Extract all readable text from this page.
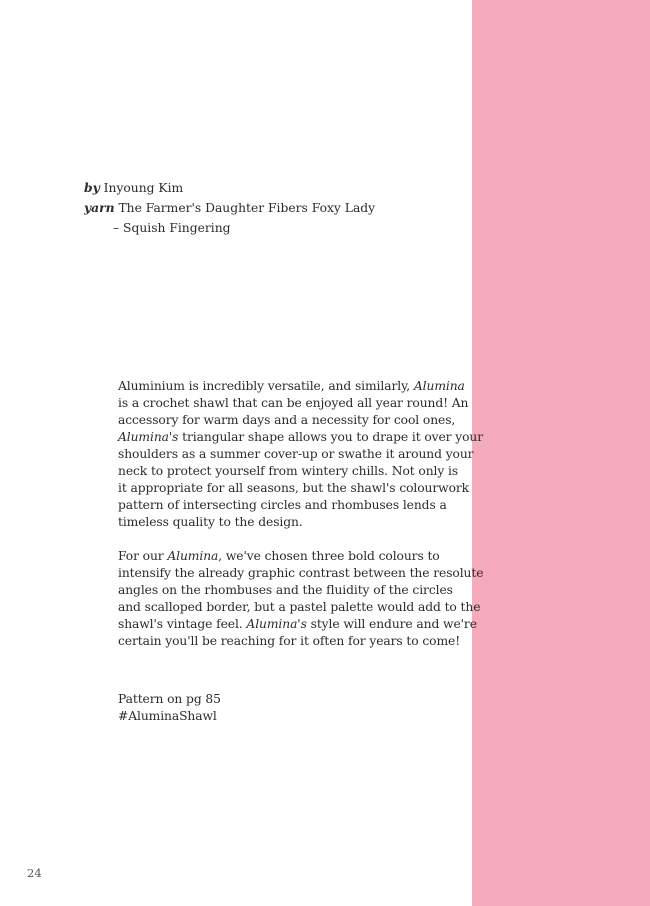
by Inyoung Kim
yarn The Farmer's Daughter Fibers Foxy Lady
– Squish Fingering

Aluminium is incredibly versatile, and similarly, Alumina

is a crochet shawl that can be enjoyed all year round! An

accessory for warm days and a necessity for cool ones,

Alumina's triangular shape allows you to drape it over your

shoulders as a summer cover-up or swathe it around your

neck to protect yourself from wintery chills. Not only is

it appropriate for all seasons, but the shawl's colourwork

pattern of intersecting circles and rhombuses lends a

timeless quality to the design.

For our Alumina, we've chosen three bold colours to

intensify the already graphic contrast between the resolute

angles on the rhombuses and the fluidity of the circles

and scalloped border, but a pastel palette would add to the

shawl's vintage feel. Alumina's style will endure and we're

certain you'll be reaching for it often for years to come!

Pattern on pg 85

#AluminaShawl

24
